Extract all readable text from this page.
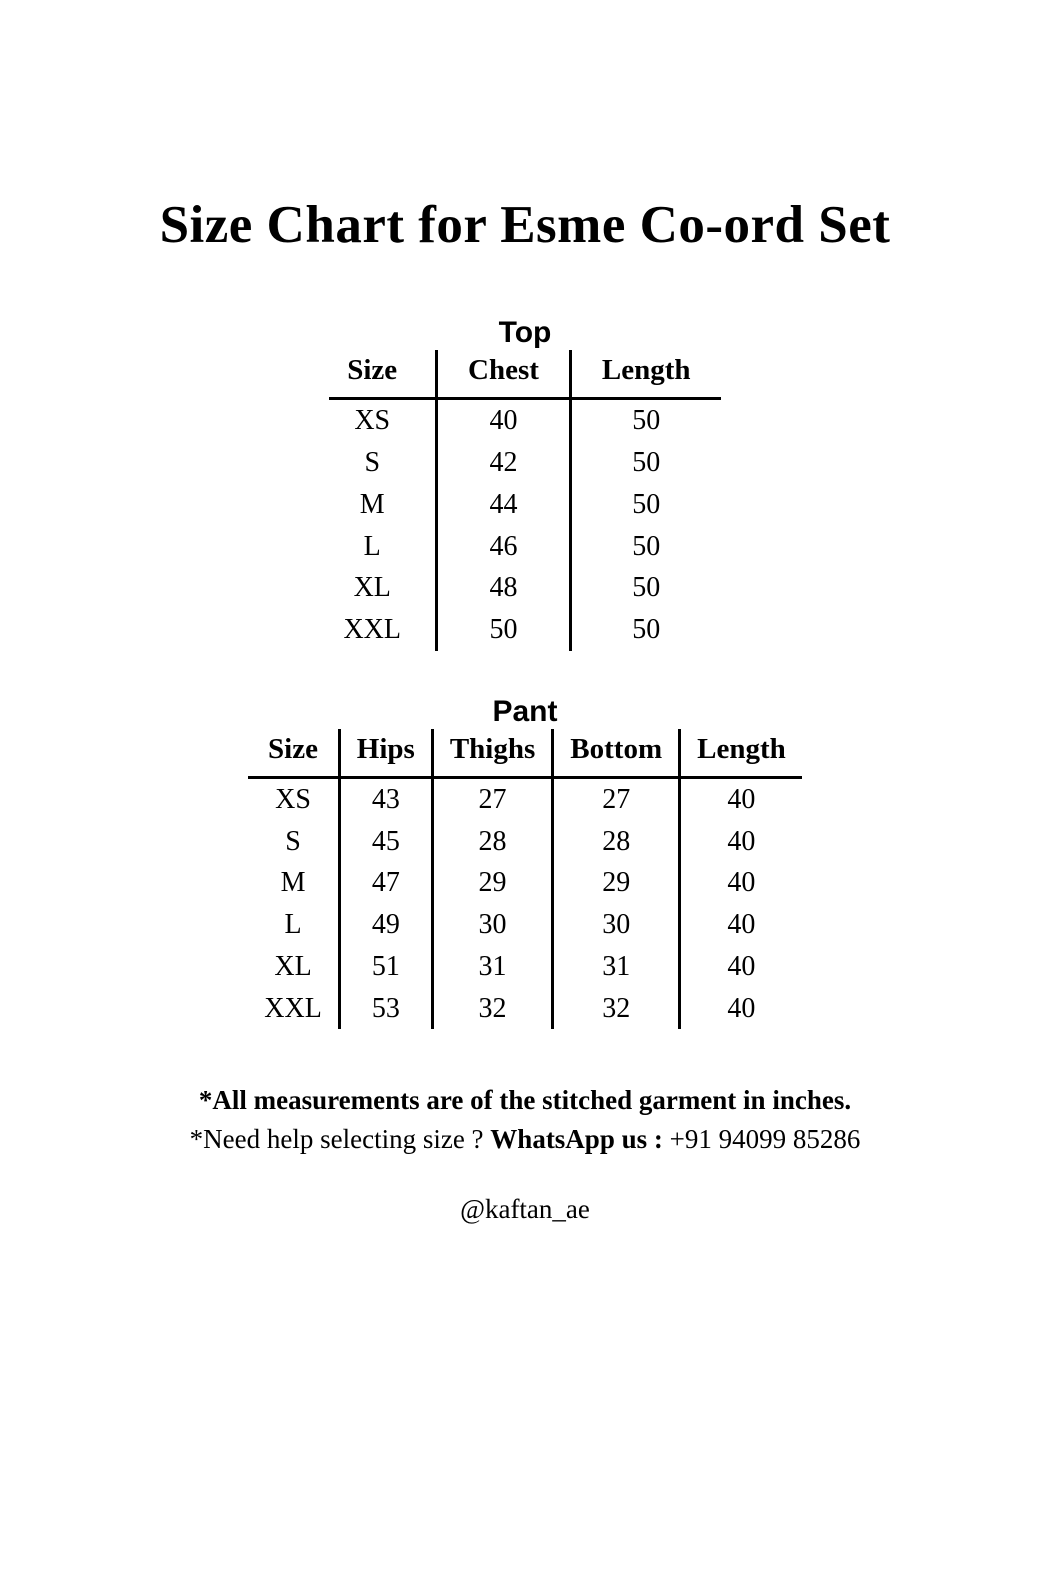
Size Chart for Esme Co-ord Set
Top
Size	Chest	Length
XS	40	50
S	42	50
M	44	50
L	46	50
XL	48	50
XXL	50	50
Pant
Size	Hips	Thighs	Bottom	Length
XS	43	27	27	40
S	45	28	28	40
M	47	29	29	40
L	49	30	30	40
XL	51	31	31	40
XXL	53	32	32	40
*All measurements are of the stitched garment in inches.
*Need help selecting size ? WhatsApp us : +91 94099 85286
@kaftan_ae
